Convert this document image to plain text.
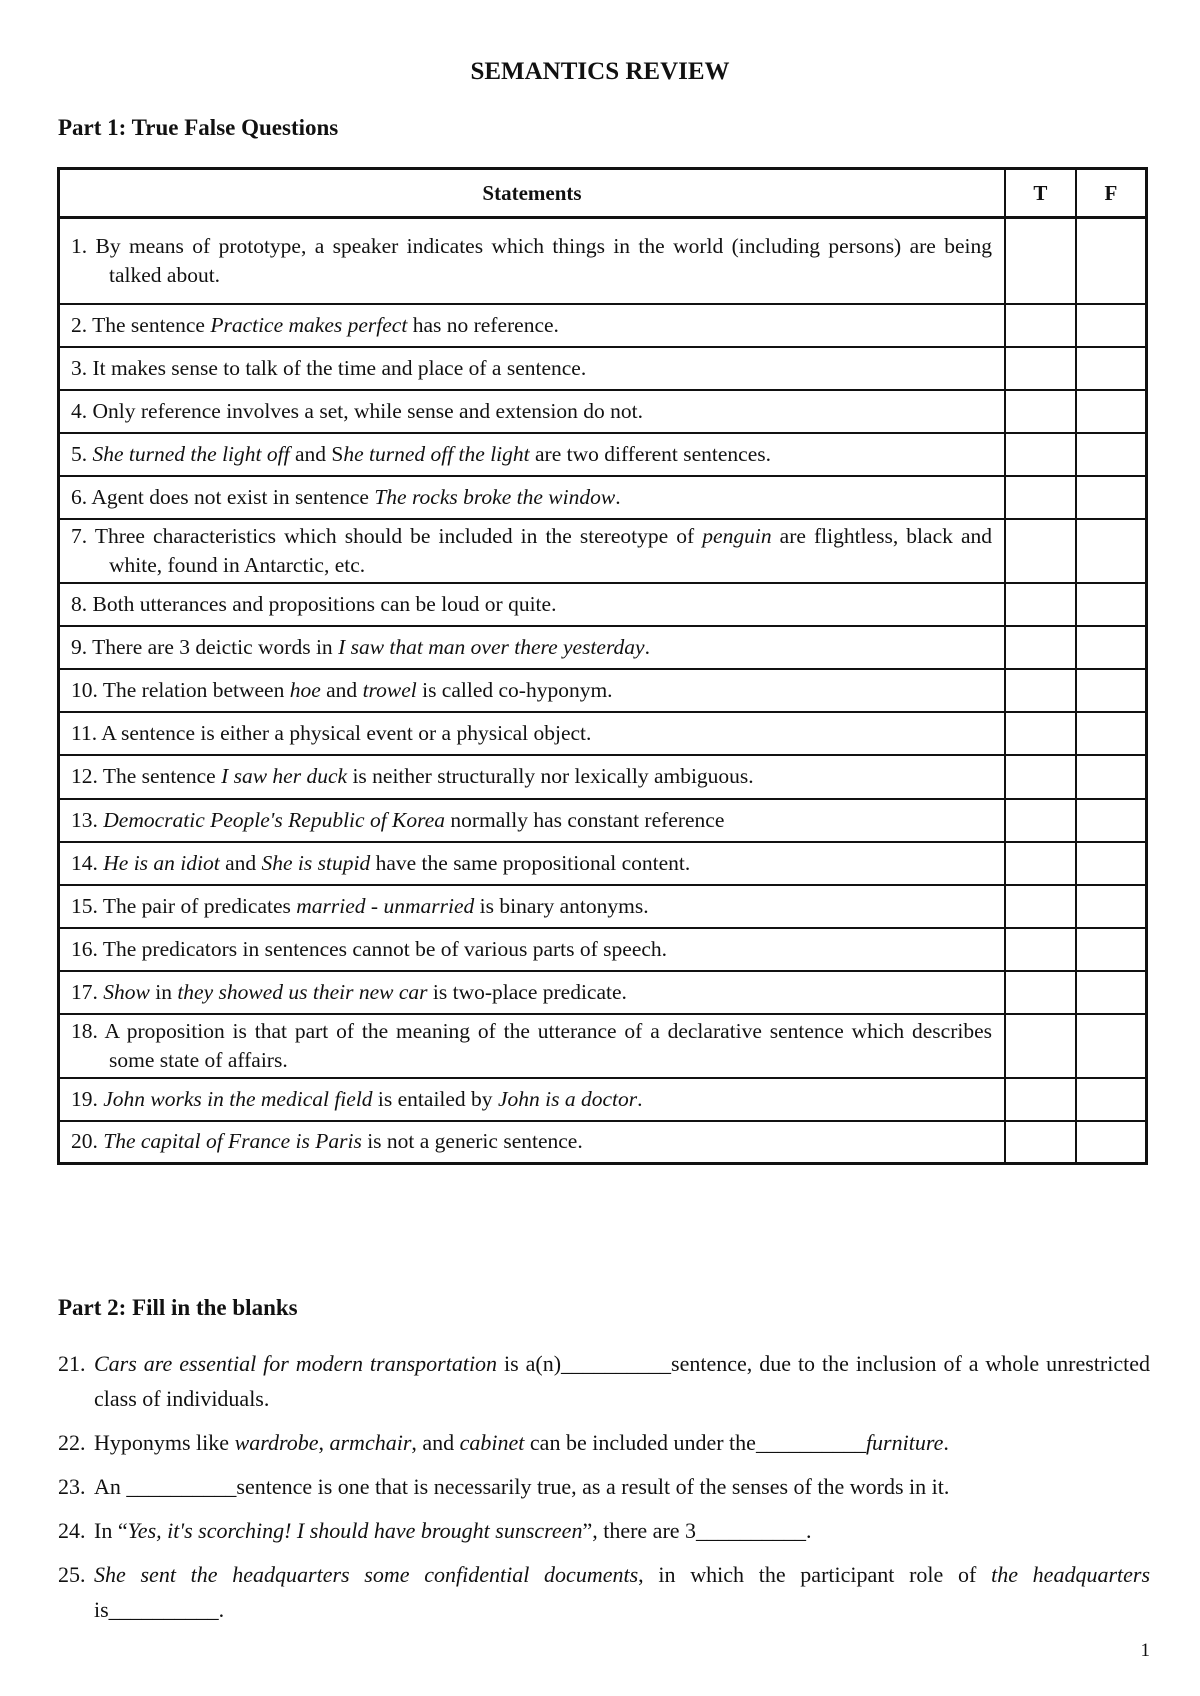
SEMANTICS REVIEW
Part 1: True False Questions
Statements	T	F

1. By means of prototype, a speaker indicates which things in the world (including persons) are being talked about.		

2. The sentence Practice makes perfect has no reference.		

3. It makes sense to talk of the time and place of a sentence.		

4. Only reference involves a set, while sense and extension do not.		

5. She turned the light off and She turned off the light are two different sentences.		

6. Agent does not exist in sentence The rocks broke the window.		

7. Three characteristics which should be included in the stereotype of penguin are flightless, black and white, found in Antarctic, etc.		

8. Both utterances and propositions can be loud or quite.		

9. There are 3 deictic words in I saw that man over there yesterday.		

10. The relation between hoe and trowel is called co-hyponym.		

11. A sentence is either a physical event or a physical object.		

12. The sentence I saw her duck is neither structurally nor lexically ambiguous.		

13. Democratic People's Republic of Korea normally has constant reference		

14. He is an idiot and She is stupid have the same propositional content.		

15. The pair of predicates married - unmarried is binary antonyms.		

16. The predicators in sentences cannot be of various parts of speech.		

17. Show in they showed us their new car is two-place predicate.		

18. A proposition is that part of the meaning of the utterance of a declarative sentence which describes some state of affairs.		

19. John works in the medical field is entailed by John is a doctor.		

20. The capital of France is Paris is not a generic sentence.		

Part 2: Fill in the blanks
21. Cars are essential for modern transportation is a(n)__________sentence, due to the inclusion of a whole unrestricted class of individuals.
22. Hyponyms like wardrobe, armchair, and cabinet can be included under the__________furniture.
23. An __________sentence is one that is necessarily true, as a result of the senses of the words in it.
24. In “Yes, it's scorching! I should have brought sunscreen”, there are 3__________.
25. She sent the headquarters some confidential documents, in which the participant role of the headquarters is__________.
1
